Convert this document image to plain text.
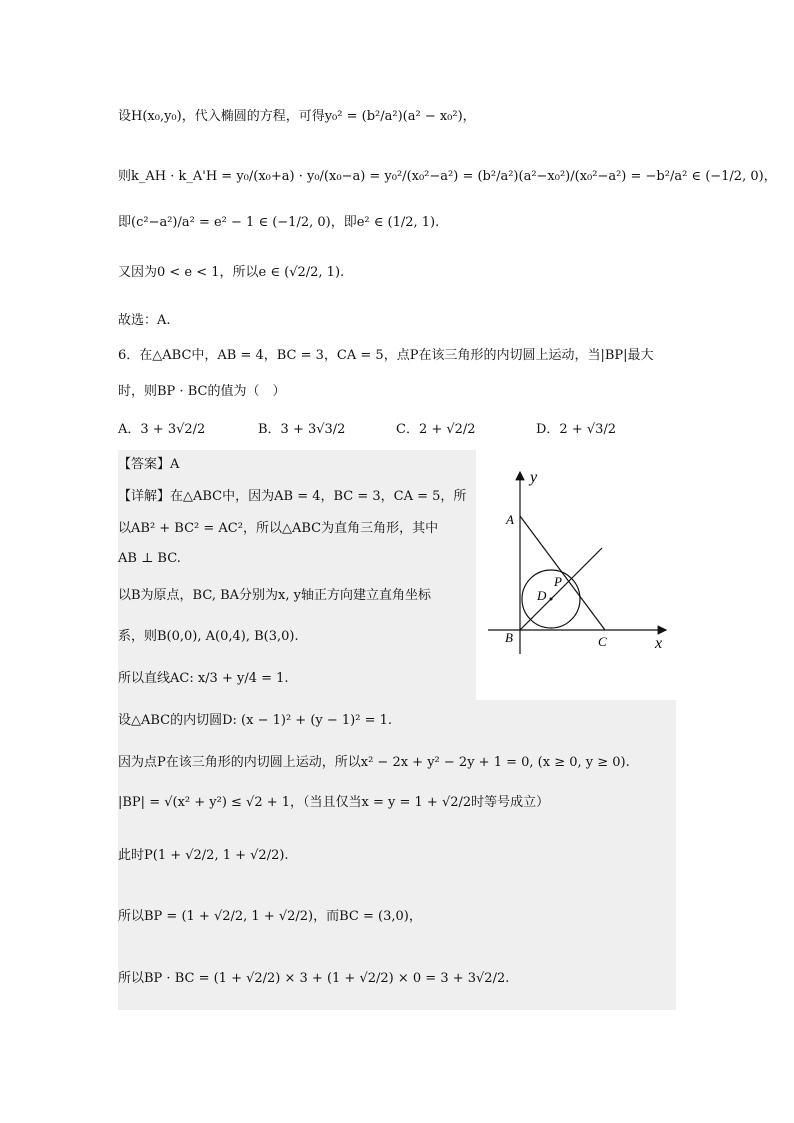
设H(x₀,y₀)，代入椭圆的方程，可得y₀² = (b²/a²)(a² − x₀²)，
则k_AH · k_A'H = y₀/(x₀+a) · y₀/(x₀−a) = y₀²/(x₀²−a²) = (b²/a²)(a²−x₀²)/(x₀²−a²) = −b²/a² ∈ (−1/2, 0)，
即(c²−a²)/a² = e² − 1 ∈ (−1/2, 0)，即e² ∈ (1/2, 1).
又因为0 < e < 1，所以e ∈ (√2/2, 1).
故选：A.
6．在△ABC中，AB = 4，BC = 3，CA = 5，点P在该三角形的内切圆上运动，当|BP|最大
时，则BP · BC的值为（　）
A．3 + 3√2/2	B．3 + 3√3/2	C．2 + √2/2	D．2 + √3/2
【答案】A
【详解】在△ABC中，因为AB = 4，BC = 3，CA = 5，所
以AB² + BC² = AC²，所以△ABC为直角三角形，其中
AB ⊥ BC.
以B为原点，BC, BA分别为x, y轴正方向建立直角坐标
系，则B(0,0), A(0,4), B(3,0).
所以直线AC: x/3 + y/4 = 1.
设△ABC的内切圆D: (x − 1)² + (y − 1)² = 1.
因为点P在该三角形的内切圆上运动，所以x² − 2x + y² − 2y + 1 = 0, (x ≥ 0, y ≥ 0).
|BP| = √(x² + y²) ≤ √2 + 1，（当且仅当x = y = 1 + √2/2时等号成立）
此时P(1 + √2/2, 1 + √2/2).
所以BP = (1 + √2/2, 1 + √2/2)，而BC = (3,0)，
所以BP · BC = (1 + √2/2) × 3 + (1 + √2/2) × 0 = 3 + 3√2/2.
y
x
A
B	C
D
P
